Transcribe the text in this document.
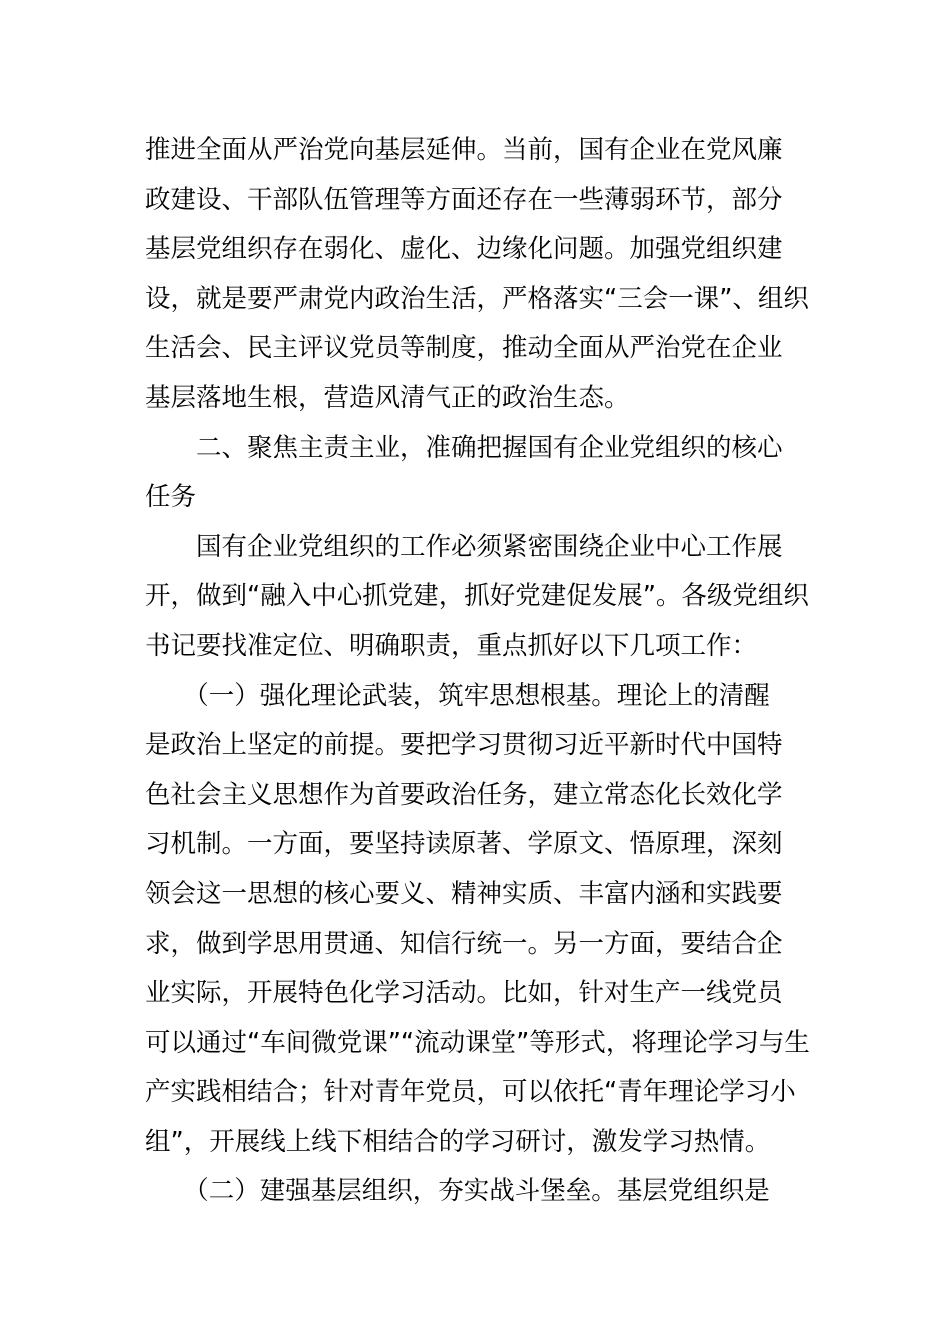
推进全面从严治党向基层延伸。当前，国有企业在党风廉
政建设、干部队伍管理等方面还存在一些薄弱环节，部分
基层党组织存在弱化、虚化、边缘化问题。加强党组织建
设，就是要严肃党内政治生活，严格落实“三会一课”、组织
生活会、民主评议党员等制度，推动全面从严治党在企业
基层落地生根，营造风清气正的政治生态。
　　二、聚焦主责主业，准确把握国有企业党组织的核心
任务
　　国有企业党组织的工作必须紧密围绕企业中心工作展
开，做到“融入中心抓党建，抓好党建促发展”。各级党组织
书记要找准定位、明确职责，重点抓好以下几项工作：
　　（一）强化理论武装，筑牢思想根基。理论上的清醒
是政治上坚定的前提。要把学习贯彻习近平新时代中国特
色社会主义思想作为首要政治任务，建立常态化长效化学
习机制。一方面，要坚持读原著、学原文、悟原理，深刻
领会这一思想的核心要义、精神实质、丰富内涵和实践要
求，做到学思用贯通、知信行统一。另一方面，要结合企
业实际，开展特色化学习活动。比如，针对生产一线党员
可以通过“车间微党课”“流动课堂”等形式，将理论学习与生
产实践相结合；针对青年党员，可以依托“青年理论学习小
组”，开展线上线下相结合的学习研讨，激发学习热情。
　　（二）建强基层组织，夯实战斗堡垒。基层党组织是
